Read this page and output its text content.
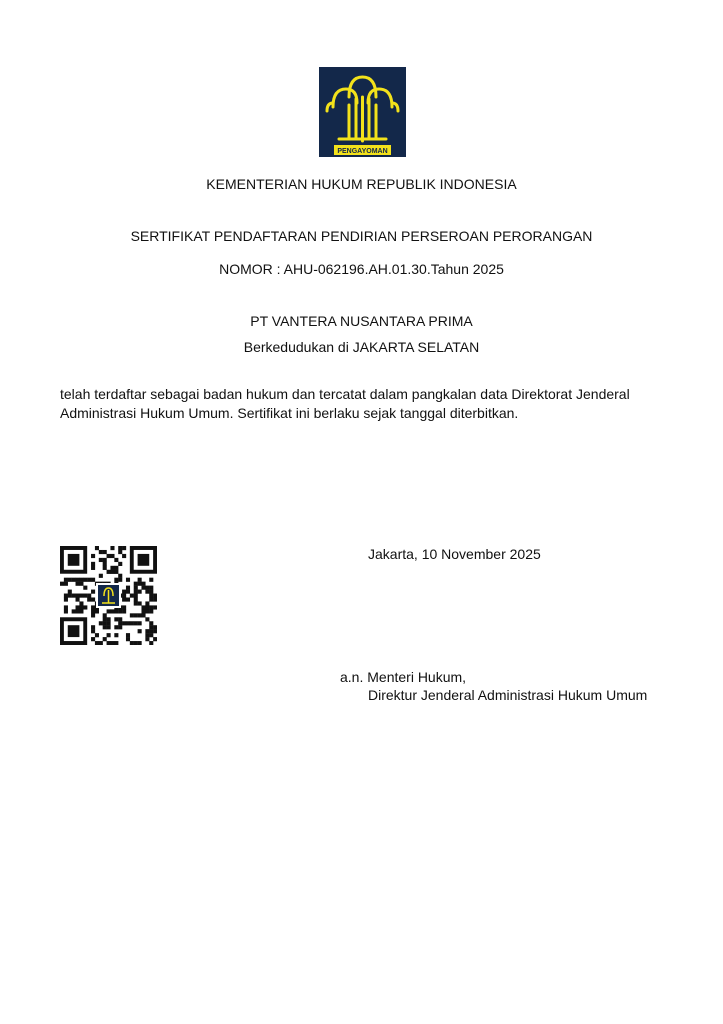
PENGAYOMAN
KEMENTERIAN HUKUM REPUBLIK INDONESIA
SERTIFIKAT PENDAFTARAN PENDIRIAN PERSEROAN PERORANGAN
NOMOR : AHU-062196.AH.01.30.Tahun 2025
PT VANTERA NUSANTARA PRIMA
Berkedudukan di JAKARTA SELATAN
telah terdaftar sebagai badan hukum dan tercatat dalam pangkalan data Direktorat Jenderal
Administrasi Hukum Umum. Sertifikat ini berlaku sejak tanggal diterbitkan.
Jakarta, 10 November 2025
a.n. Menteri Hukum,
Direktur Jenderal Administrasi Hukum Umum
